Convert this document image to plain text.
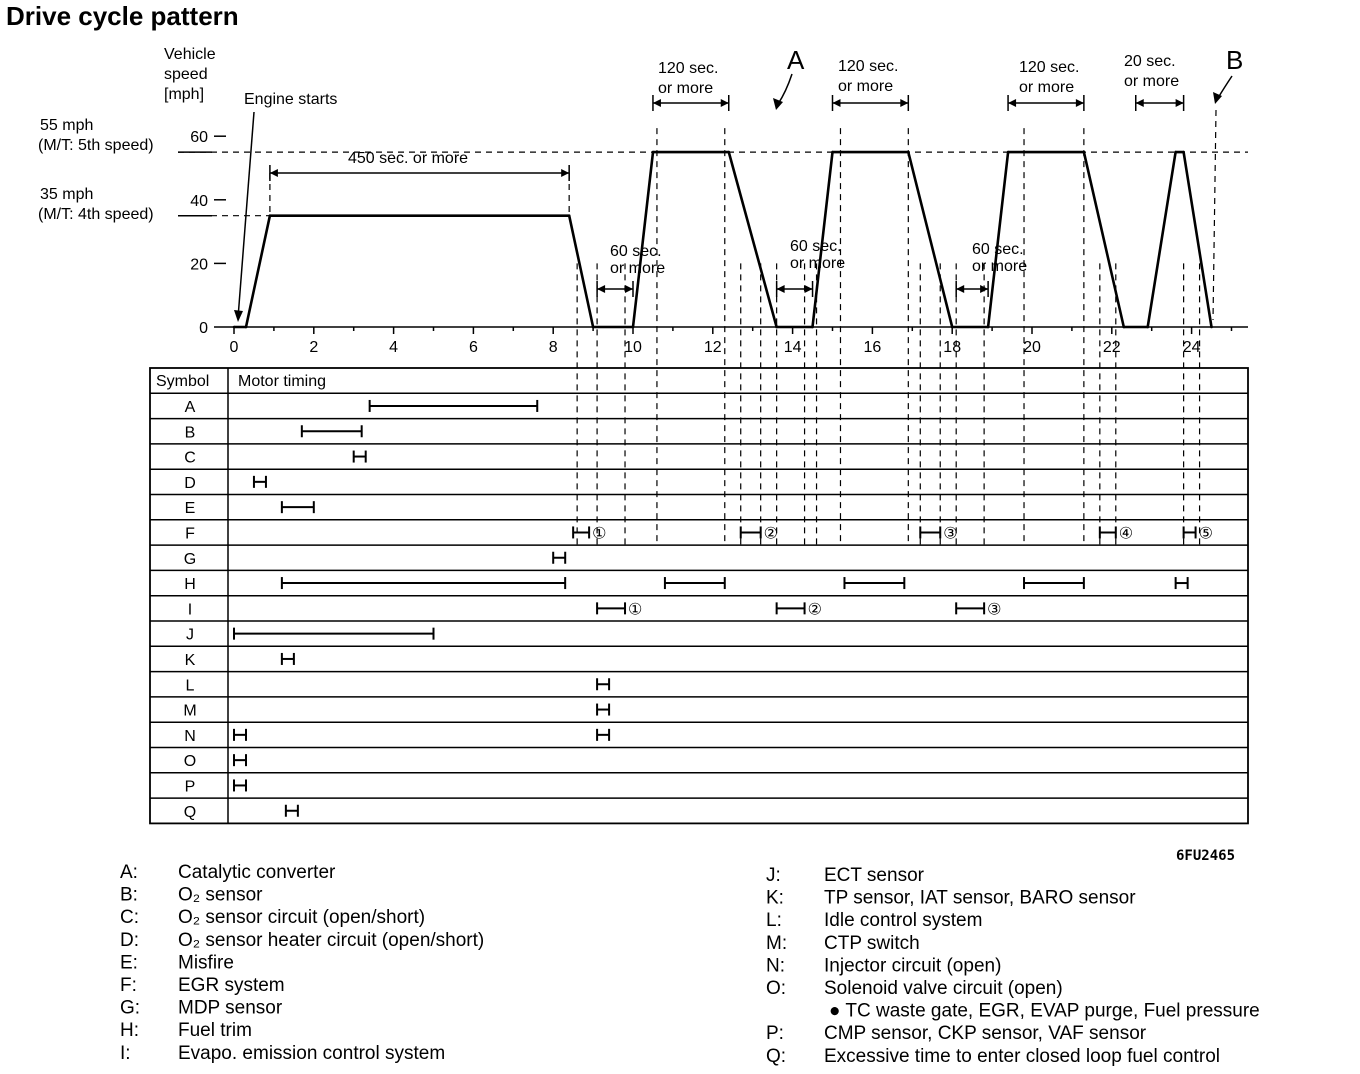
Drive cycle pattern
Vehicle
speed
[mph]
55 mph
(M/T: 5th speed)
35 mph
(M/T: 4th speed)
0
20
40
60
0	2	4	6	8	10	12	14	16	18	20	22	24
Engine starts
450 sec. or more
60 sec.
or more
60 sec.
or more
60 sec.
or more
120 sec.
or more
120 sec.
or more
120 sec.
or more
20 sec.
or more
A	B
A
B
C
D
E
F	①	②	③	④	⑤
G
H
I	①	②	③
J
K
L
M
N
O
P
Q
Symbol Motor timing
6FU2465
A: Catalytic converter
B: O₂ sensor
C: O₂ sensor circuit (open/short)
D: O₂ sensor heater circuit (open/short)
E: Misfire
F: EGR system
G: MDP sensor
H: Fuel trim
I: Evapo. emission control system
J: ECT sensor
K: TP sensor, IAT sensor, BARO sensor
L: Idle control system
M: CTP switch
N: Injector circuit (open)
O: Solenoid valve circuit (open)
● TC waste gate, EGR, EVAP purge, Fuel pressure
P: CMP sensor, CKP sensor, VAF sensor
Q: Excessive time to enter closed loop fuel control
